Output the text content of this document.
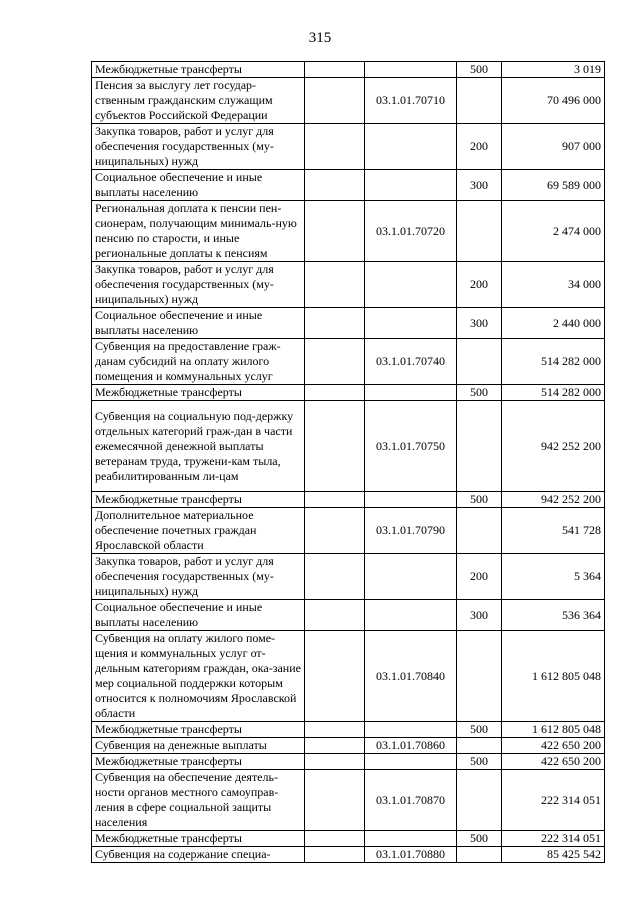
315
Межбюджетные трансферты			500	3 019
Пенсия за выслугу лет государ-ственным гражданским служащим субъектов Российской Федерации		03.1.01.70710		70 496 000
Закупка товаров, работ и услуг для обеспечения государственных (му-ниципальных) нужд			200	907 000
Социальное обеспечение и иные выплаты населению			300	69 589 000
Региональная доплата к пенсии пен-сионерам, получающим минималь-ную пенсию по старости, и иные региональные доплаты к пенсиям		03.1.01.70720		2 474 000
Закупка товаров, работ и услуг для обеспечения государственных (му-ниципальных) нужд			200	34 000
Социальное обеспечение и иные выплаты населению			300	2 440 000
Субвенция на предоставление граж-данам субсидий на оплату жилого помещения и коммунальных услуг		03.1.01.70740		514 282 000
Межбюджетные трансферты			500	514 282 000
Субвенция на социальную под-держку отдельных категорий граж-дан в части ежемесячной денежной выплаты ветеранам труда, тружени-кам тыла, реабилитированным ли-цам		03.1.01.70750		942 252 200
Межбюджетные трансферты			500	942 252 200
Дополнительное материальное обеспечение почетных граждан Ярославской области		03.1.01.70790		541 728
Закупка товаров, работ и услуг для обеспечения государственных (му-ниципальных) нужд			200	5 364
Социальное обеспечение и иные выплаты населению			300	536 364
Субвенция на оплату жилого поме-щения и коммунальных услуг от-дельным категориям граждан, ока-зание мер социальной поддержки которым относится к полномочиям Ярославской области		03.1.01.70840		1 612 805 048
Межбюджетные трансферты			500	1 612 805 048
Субвенция на денежные выплаты		03.1.01.70860		422 650 200
Межбюджетные трансферты			500	422 650 200
Субвенция на обеспечение деятель-ности органов местного самоуправ-ления в сфере социальной защиты населения		03.1.01.70870		222 314 051
Межбюджетные трансферты			500	222 314 051
Субвенция на содержание специа-		03.1.01.70880		85 425 542
